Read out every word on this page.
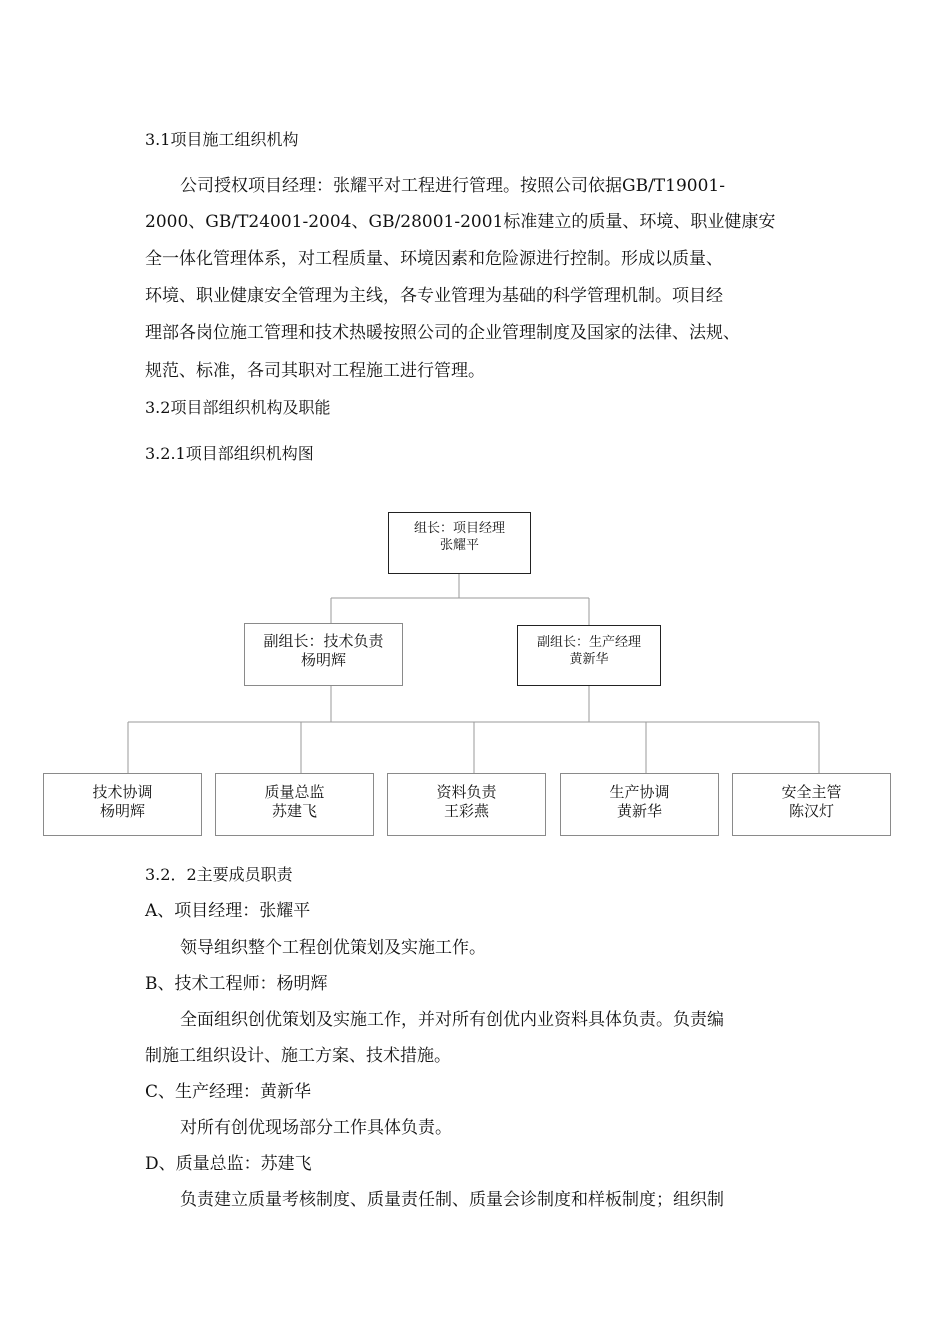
3.1项目施工组织机构
公司授权项目经理：张耀平对工程进行管理。按照公司依据GB/T19001-
2000、GB/T24001-2004、GB/28001-2001标准建立的质量、环境、职业健康安
全一体化管理体系，对工程质量、环境因素和危险源进行控制。形成以质量、
环境、职业健康安全管理为主线，各专业管理为基础的科学管理机制。项目经
理部各岗位施工管理和技术热暖按照公司的企业管理制度及国家的法律、法规、
规范、标准，各司其职对工程施工进行管理。
3.2项目部组织机构及职能
3.2.1项目部组织机构图
组长：项目经理
张耀平
副组长：技术负责
杨明辉
副组长：生产经理
黄新华
技术协调
杨明辉
质量总监
苏建飞
资料负责
王彩燕
生产协调
黄新华
安全主管
陈汉灯
3.2．2主要成员职责
A、项目经理：张耀平
领导组织整个工程创优策划及实施工作。
B、技术工程师：杨明辉
全面组织创优策划及实施工作，并对所有创优内业资料具体负责。负责编
制施工组织设计、施工方案、技术措施。
C、生产经理：黄新华
对所有创优现场部分工作具体负责。
D、质量总监：苏建飞
负责建立质量考核制度、质量责任制、质量会诊制度和样板制度；组织制
